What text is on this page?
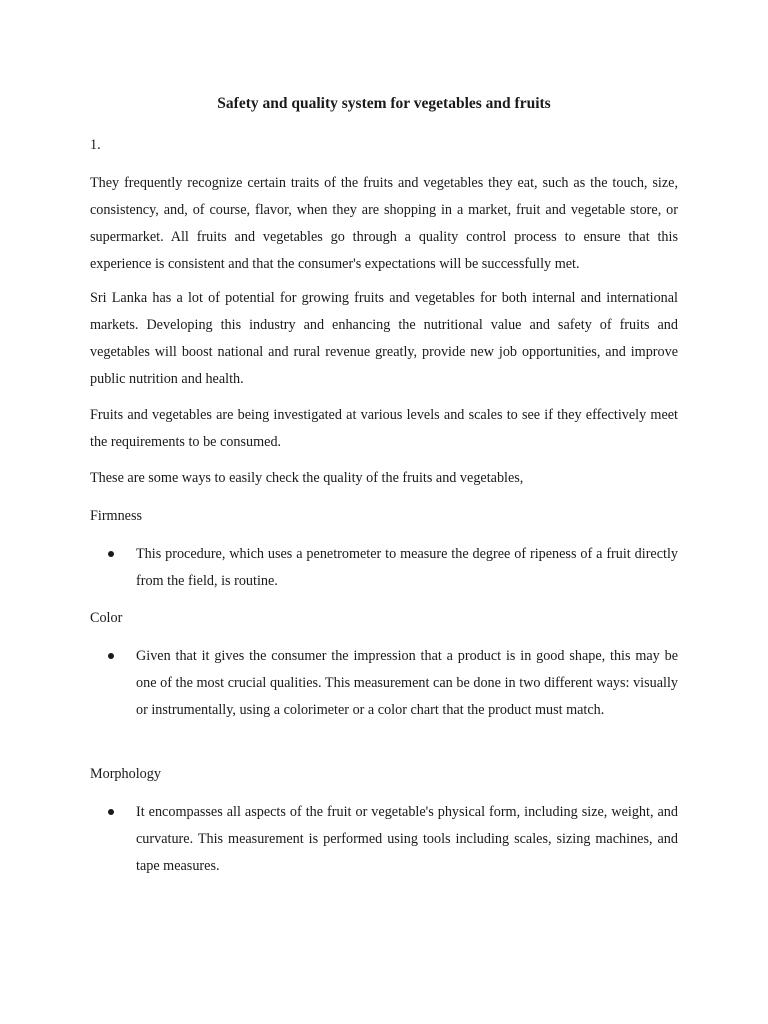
Safety and quality system for vegetables and fruits

1.

They frequently recognize certain traits of the fruits and vegetables they eat, such as the touch, size, consistency, and, of course, flavor, when they are shopping in a market, fruit and vegetable store, or supermarket. All fruits and vegetables go through a quality control process to ensure that this experience is consistent and that the consumer's expectations will be successfully met.

Sri Lanka has a lot of potential for growing fruits and vegetables for both internal and international markets. Developing this industry and enhancing the nutritional value and safety of fruits and vegetables will boost national and rural revenue greatly, provide new job opportunities, and improve public nutrition and health.

Fruits and vegetables are being investigated at various levels and scales to see if they effectively meet the requirements to be consumed.

These are some ways to easily check the quality of the fruits and vegetables,

Firmness

This procedure, which uses a penetrometer to measure the degree of ripeness of a fruit directly from the field, is routine.

Color

Given that it gives the consumer the impression that a product is in good shape, this may be one of the most crucial qualities. This measurement can be done in two different ways: visually or instrumentally, using a colorimeter or a color chart that the product must match.

Morphology

It encompasses all aspects of the fruit or vegetable's physical form, including size, weight, and curvature. This measurement is performed using tools including scales, sizing machines, and tape measures.
